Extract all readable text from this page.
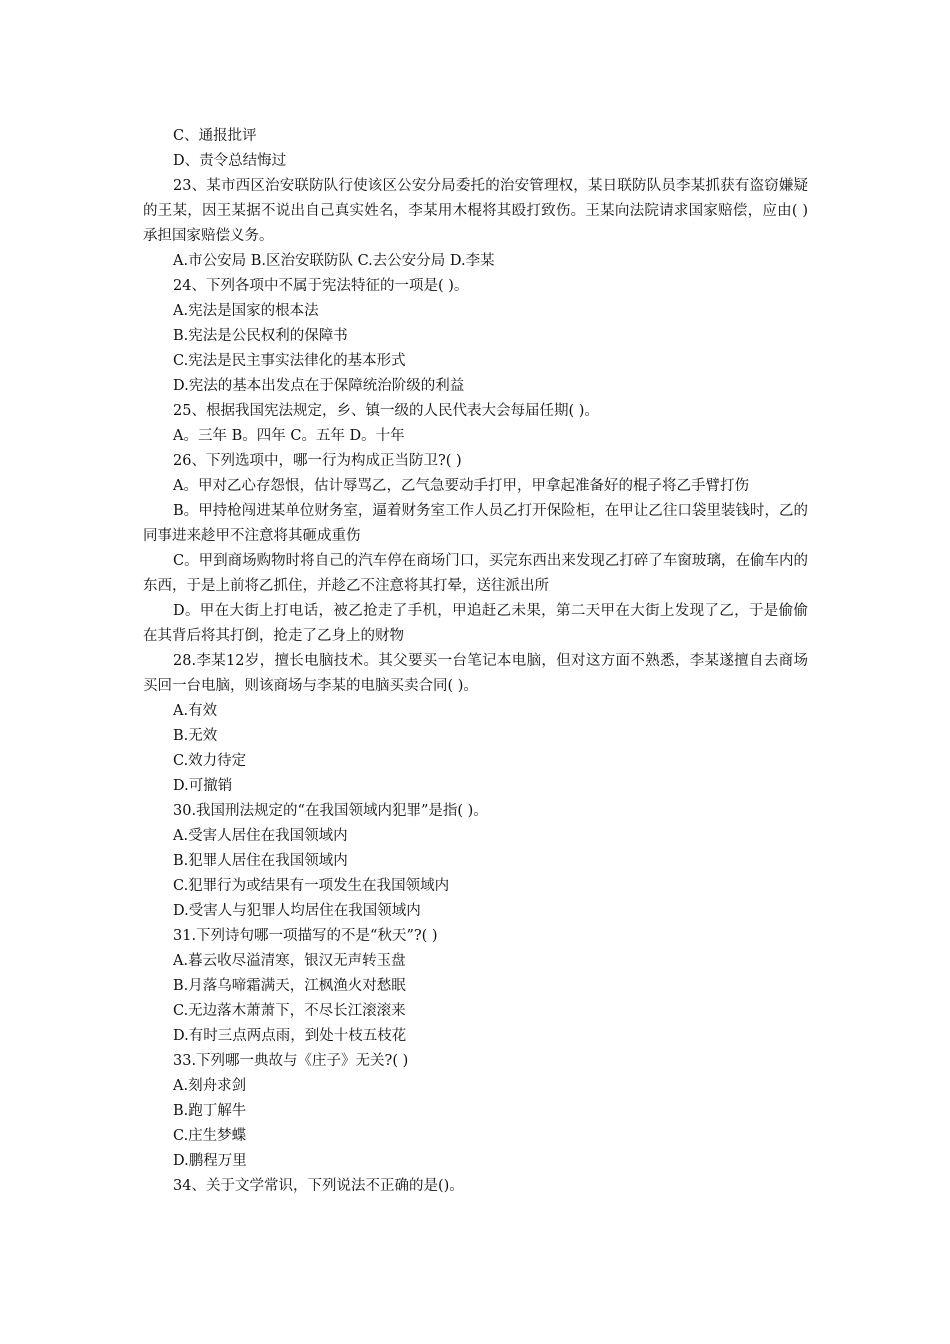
C、通报批评
D、责令总结悔过
23、某市西区治安联防队行使该区公安分局委托的治安管理权，某日联防队员李某抓获有盗窃嫌疑的王某，因王某据不说出自己真实姓名，李某用木棍将其殴打致伤。王某向法院请求国家赔偿，应由( )承担国家赔偿义务。
A.市公安局 B.区治安联防队 C.去公安分局 D.李某
24、下列各项中不属于宪法特征的一项是( )。
A.宪法是国家的根本法
B.宪法是公民权利的保障书
C.宪法是民主事实法律化的基本形式
D.宪法的基本出发点在于保障统治阶级的利益
25、根据我国宪法规定，乡、镇一级的人民代表大会每届任期( )。
A。三年 B。四年 C。五年 D。十年
26、下列选项中，哪一行为构成正当防卫?( )
A。甲对乙心存怨恨，估计辱骂乙，乙气急要动手打甲，甲拿起准备好的棍子将乙手臂打伤
B。甲持枪闯进某单位财务室，逼着财务室工作人员乙打开保险柜，在甲让乙往口袋里装钱时，乙的同事进来趁甲不注意将其砸成重伤
C。甲到商场购物时将自己的汽车停在商场门口，买完东西出来发现乙打碎了车窗玻璃，在偷车内的东西，于是上前将乙抓住，并趁乙不注意将其打晕，送往派出所
D。甲在大街上打电话，被乙抢走了手机，甲追赶乙未果，第二天甲在大街上发现了乙，于是偷偷在其背后将其打倒，抢走了乙身上的财物
28.李某12岁，擅长电脑技术。其父要买一台笔记本电脑，但对这方面不熟悉，李某遂擅自去商场买回一台电脑，则该商场与李某的电脑买卖合同( )。
A.有效
B.无效
C.效力待定
D.可撤销
30.我国刑法规定的“在我国领域内犯罪”是指( )。
A.受害人居住在我国领域内
B.犯罪人居住在我国领域内
C.犯罪行为或结果有一项发生在我国领域内
D.受害人与犯罪人均居住在我国领域内
31.下列诗句哪一项描写的不是“秋天”?( )
A.暮云收尽溢清寒，银汉无声转玉盘
B.月落乌啼霜满天，江枫渔火对愁眠
C.无边落木萧萧下，不尽长江滚滚来
D.有时三点两点雨，到处十枝五枝花
33.下列哪一典故与《庄子》无关?( )
A.刻舟求剑
B.跑丁解牛
C.庄生梦蝶
D.鹏程万里
34、关于文学常识，下列说法不正确的是()。
